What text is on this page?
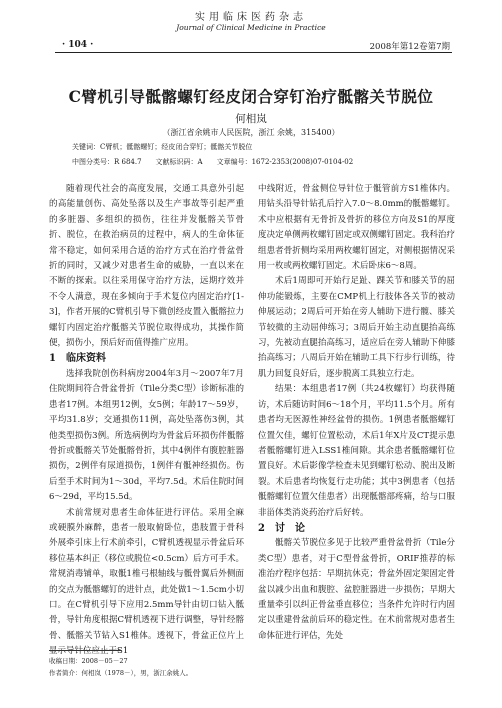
实用临床医药杂志
Journal of Clinical Medicine in Practice
· 104 ·	2008年第12卷第7期
C臂机引导骶髂螺钉经皮闭合穿钉治疗骶髂关节脱位
何相岚
（浙江省余姚市人民医院，浙江 余姚，315400）
关键词：C臂机；骶髂螺钉；经皮闭合穿钉；骶髂关节脱位
中图分类号：R 684.7　　文献标识码：A　　文章编号：1672-2353(2008)07-0104-02

随着现代社会的高度发展，交通工具意外引起的高能量创伤、高处坠落以及生产事故等引起严重的多脏器、多组织的损伤，往往并发骶髂关节骨折、脱位，在救治病员的过程中，病人的生命体征常不稳定，如何采用合适的治疗方式在治疗骨盆骨折的同时，又减少对患者生命的威胁，一直以来在不断的探索。以往采用保守治疗方法，远期疗效并不令人满意，现在多倾向于手术复位内固定治疗[1-3]，作者开展的C臂机引导下微创经皮置入骶髂拉力螺钉内固定治疗骶髂关节脱位取得成功，其操作简便，损伤小，预后好而值得推广应用。

1　临床资料

选择我院创伤科病房2004年3月～2007年7月住院期间符合骨盆骨折（Tile分类C型）诊断标准的患者17例。本组男12例，女5例；年龄17～59岁，平均31.8岁；交通损伤11例，高处坠落伤3例，其他类型损伤3例。所选病例均为骨盆后环损伤伴骶髂骨折或骶髂关节处骶髂骨折，其中4例伴有腹腔脏器损伤，2例伴有尿道损伤，1例伴有骶神经损伤。伤后至手术时间为1～30d，平均7.5d。术后住院时间6～29d，平均15.5d。

术前常规对患者生命体征进行评估。采用全麻或硬膜外麻醉，患者一般取俯卧位，患肢置于骨科外展牵引床上行术前牵引，C臂机透视显示骨盆后环移位基本纠正（移位或脱位<0.5cm）后方可手术。常规消毒铺单，取骶1椎弓根轴线与骶骨翼后外侧面的交点为骶髂螺钉的进针点，此处做1～1.5cm小切口。在C臂机引导下应用2.5mm导针由切口钻入骶骨，导针角度根据C臂机透视下进行调整，导针经髂骨、骶髂关节钻入S1椎体。透视下，骨盆正位片上显示导针位应止于S1

中线附近，骨盆侧位导针位于骶管前方S1椎体内。用钻头沿导针钻孔后拧入7.0～8.0mm的骶髂螺钉。术中应根据有无骨折及骨折的移位方向及S1的厚度度决定单侧两枚螺钉固定或双侧螺钉固定。我科治疗组患者骨折侧均采用两枚螺钉固定，对侧根据情况采用一枚或两枚螺钉固定。术后卧床6～8周。

术后1周即可开始行足趾、踝关节和膝关节的屈伸功能锻炼，主要在CMP机上行肢体各关节的被动伸展运动；2周后可开始在旁人辅助下进行髋、膝关节较微的主动屈伸练习；3周后开始主动直腿抬高练习，先被动直腿抬高练习，适应后在旁人辅助下伸膝抬高练习；八周后开始在辅助工具下行步行训练，待肌力回复良好后，逐步脱离工具独立行走。

结果：本组患者17例（共24枚螺钉）均获得随访，术后随访时间6～18个月，平均11.5个月。所有患者均无医源性神经盆骨的损伤。1例患者骶髂螺钉位置欠佳，螺钉位置松动，术后1年X片及CT提示患者骶髂螺钉进入LSS1椎间隙。其余患者骶髂螺钉位置良好。术后影像学检查未见到螺钉松动、脱出及断裂。术后患者均恢复行走功能；其中3例患者（包括骶髂螺钉位置欠佳患者）出现骶髂部疼痛，给与口服非甾体类消炎药治疗后好转。

2　讨　论

骶髂关节脱位多见于比较严重骨盆骨折（Tile分类C型）患者，对于C型骨盆骨折，ORIF推荐的标准治疗程序包括：早期抗休克；骨盆外固定架固定骨盆以减少出血和腹腔、盆腔脏器进一步损伤；早期大重量牵引以纠正骨盆垂直移位；当条件允许时行内固定以重建骨盆前后环的稳定性。在术前常规对患者生命体征进行评估，先处

收稿日期：2008－05－27
作者简介：何相岚（1978－），男，浙江余姚人。
